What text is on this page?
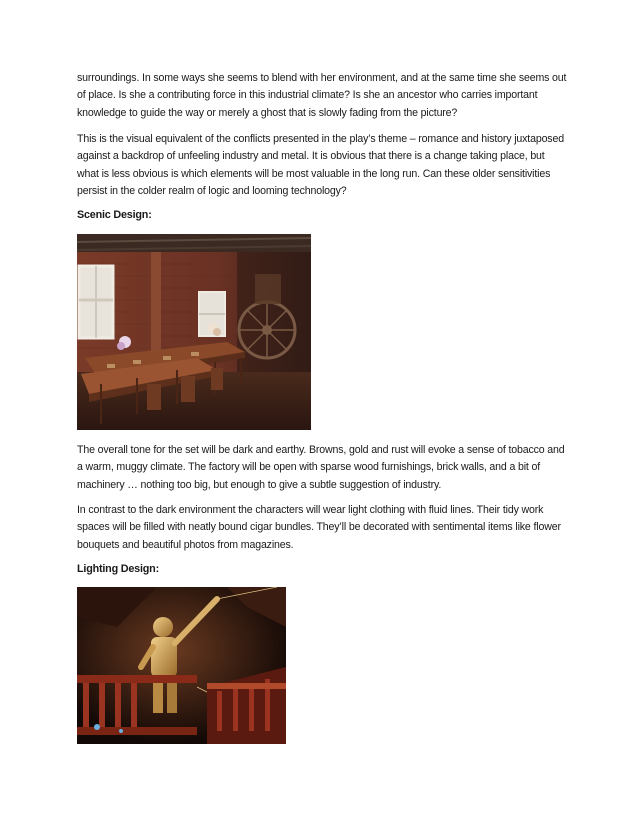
surroundings. In some ways she seems to blend with her environment, and at the same time she seems out of place. Is she a contributing force in this industrial climate? Is she an ancestor who carries important knowledge to guide the way or merely a ghost that is slowly fading from the picture?

This is the visual equivalent of the conflicts presented in the play’s theme – romance and history juxtaposed against a backdrop of unfeeling industry and metal. It is obvious that there is a change taking place, but what is less obvious is which elements will be most valuable in the long run. Can these older sensitivities persist in the colder realm of logic and looming technology?

Scenic Design:

The overall tone for the set will be dark and earthy. Browns, gold and rust will evoke a sense of tobacco and a warm, muggy climate. The factory will be open with sparse wood furnishings, brick walls, and a bit of machinery … nothing too big, but enough to give a subtle suggestion of industry.

In contrast to the dark environment the characters will wear light clothing with fluid lines. Their tidy work spaces will be filled with neatly bound cigar bundles. They’ll be decorated with sentimental items like flower bouquets and beautiful photos from magazines.

Lighting Design:
